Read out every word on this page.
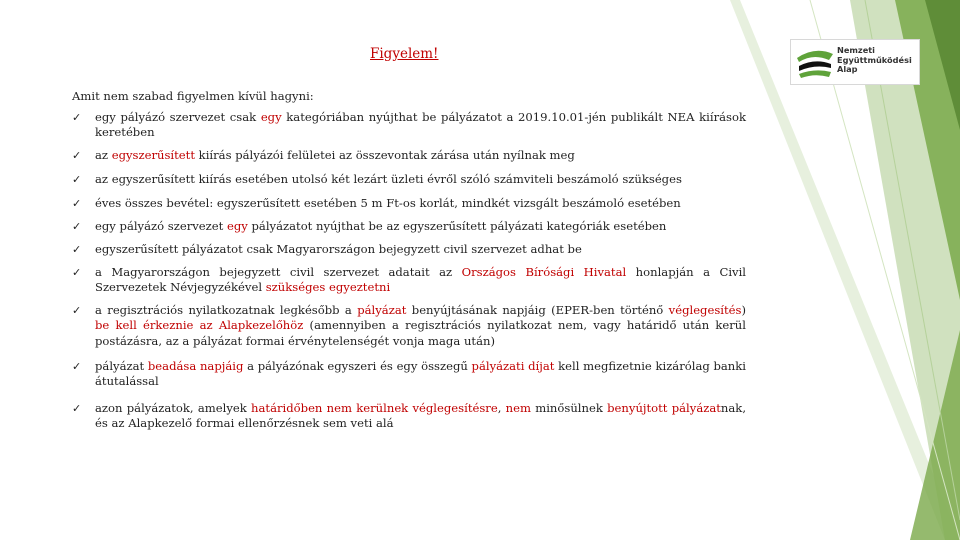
Nemzeti
Együttműködési
Alap
Figyelem!
Amit nem szabad figyelmen kívül hagyni:
✓ egy pályázó szervezet csak egy kategóriában nyújthat be pályázatot a 2019.10.01-jén publikált NEA kiírások keretében
✓ az egyszerűsített kiírás pályázói felületei az összevontak zárása után nyílnak meg
✓ az egyszerűsített kiírás esetében utolsó két lezárt üzleti évről szóló számviteli beszámoló szükséges
✓ éves összes bevétel: egyszerűsített esetében 5 m Ft-os korlát, mindkét vizsgált beszámoló esetében
✓ egy pályázó szervezet egy pályázatot nyújthat be az egyszerűsített pályázati kategóriák esetében
✓ egyszerűsített pályázatot csak Magyarországon bejegyzett civil szervezet adhat be
✓ a Magyarországon bejegyzett civil szervezet adatait az Országos Bírósági Hivatal honlapján a Civil Szervezetek Névjegyzékével szükséges egyeztetni
✓ a regisztrációs nyilatkozatnak legkésőbb a pályázat benyújtásának napjáig (EPER-ben történő véglegesítés) be kell érkeznie az Alapkezelőhöz (amennyiben a regisztrációs nyilatkozat nem, vagy határidő után kerül postázásra, az a pályázat formai érvénytelenségét vonja maga után)
✓ pályázat beadása napjáig a pályázónak egyszeri és egy összegű pályázati díjat kell megfizetnie kizárólag banki átutalással
✓ azon pályázatok, amelyek határidőben nem kerülnek véglegesítésre, nem minősülnek benyújtott pályázatnak, és az Alapkezelő formai ellenőrzésnek sem veti alá
